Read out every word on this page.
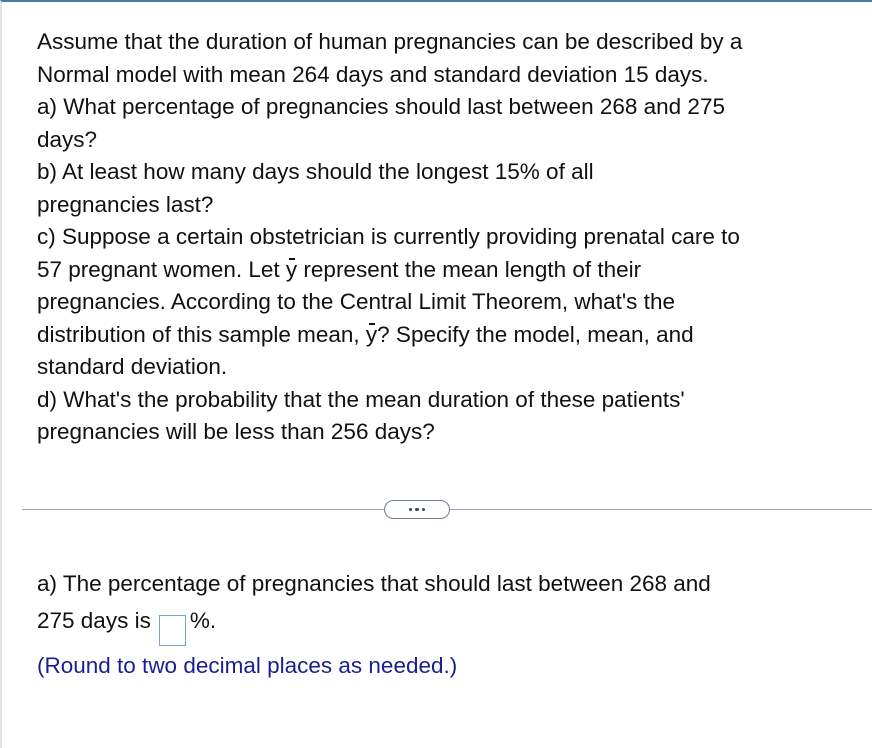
Assume that the duration of human pregnancies can be described by a

Normal model with mean 264 days and standard deviation 15 days.

a) What percentage of pregnancies should last between 268 and 275

days?

b) At least how many days should the longest 15% of all

pregnancies last?

c) Suppose a certain obstetrician is currently providing prenatal care to

57 pregnant women. Let y represent the mean length of their

pregnancies. According to the Central Limit Theorem, what's the

distribution of this sample mean, y? Specify the model, mean, and

standard deviation.

d) What's the probability that the mean duration of these patients'

pregnancies will be less than 256 days?

a) The percentage of pregnancies that should last between 268 and

275 days is %.

(Round to two decimal places as needed.)
